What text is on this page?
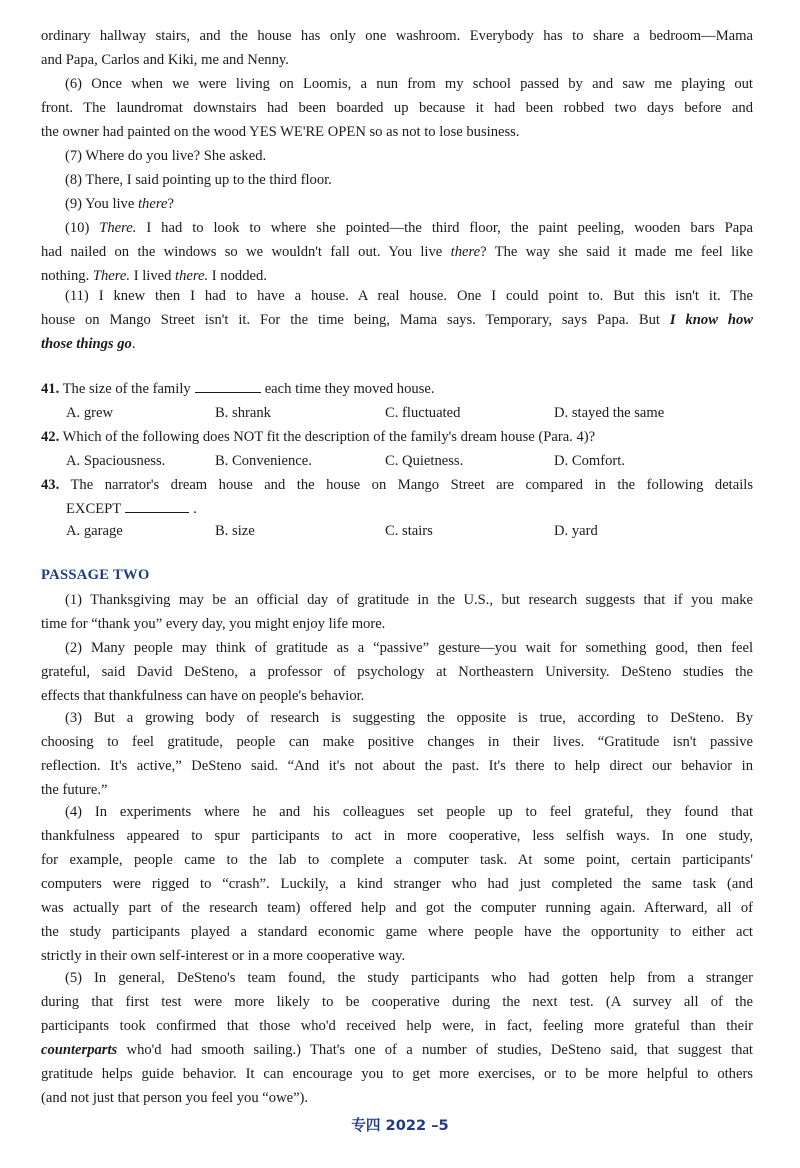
ordinary hallway stairs, and the house has only one washroom. Everybody has to share a bedroom—Mama
and Papa, Carlos and Kiki, me and Nenny.
(6) Once when we were living on Loomis, a nun from my school passed by and saw me playing out
front. The laundromat downstairs had been boarded up because it had been robbed two days before and
the owner had painted on the wood YES WE'RE OPEN so as not to lose business.
(7) Where do you live? She asked.
(8) There, I said pointing up to the third floor.
(9) You live there?
(10) There. I had to look to where she pointed—the third floor, the paint peeling, wooden bars Papa
had nailed on the windows so we wouldn't fall out. You live there? The way she said it made me feel like
nothing. There. I lived there. I nodded.
(11) I knew then I had to have a house. A real house. One I could point to. But this isn't it. The
house on Mango Street isn't it. For the time being, Mama says. Temporary, says Papa. But I know how
those things go.
41. The size of the family	each time they moved house.
A. grew	B. shrank	C. fluctuated	D. stayed the same
42. Which of the following does NOT fit the description of the family's dream house (Para. 4)?
A. Spaciousness.	B. Convenience.	C. Quietness.	D. Comfort.
43. The narrator's dream house and the house on Mango Street are compared in the following details
EXCEPT	.
A. garage	B. size	C. stairs	D. yard
PASSAGE TWO
(1) Thanksgiving may be an official day of gratitude in the U.S., but research suggests that if you make
time for “thank you” every day, you might enjoy life more.
(2) Many people may think of gratitude as a “passive” gesture—you wait for something good, then feel
grateful, said David DeSteno, a professor of psychology at Northeastern University. DeSteno studies the
effects that thankfulness can have on people's behavior.
(3) But a growing body of research is suggesting the opposite is true, according to DeSteno. By
choosing to feel gratitude, people can make positive changes in their lives. “Gratitude isn't passive
reflection. It's active,” DeSteno said. “And it's not about the past. It's there to help direct our behavior in
the future.”
(4) In experiments where he and his colleagues set people up to feel grateful, they found that
thankfulness appeared to spur participants to act in more cooperative, less selfish ways. In one study,
for example, people came to the lab to complete a computer task. At some point, certain participants'
computers were rigged to “crash”. Luckily, a kind stranger who had just completed the same task (and
was actually part of the research team) offered help and got the computer running again. Afterward, all of
the study participants played a standard economic game where people have the opportunity to either act
strictly in their own self-interest or in a more cooperative way.
(5) In general, DeSteno's team found, the study participants who had gotten help from a stranger
during that first test were more likely to be cooperative during the next test. (A survey all of the
participants took confirmed that those who'd received help were, in fact, feeling more grateful than their
counterparts who'd had smooth sailing.) That's one of a number of studies, DeSteno said, that suggest that
gratitude helps guide behavior. It can encourage you to get more exercises, or to be more helpful to others
(and not just that person you feel you “owe”).
专四 2022 –5
